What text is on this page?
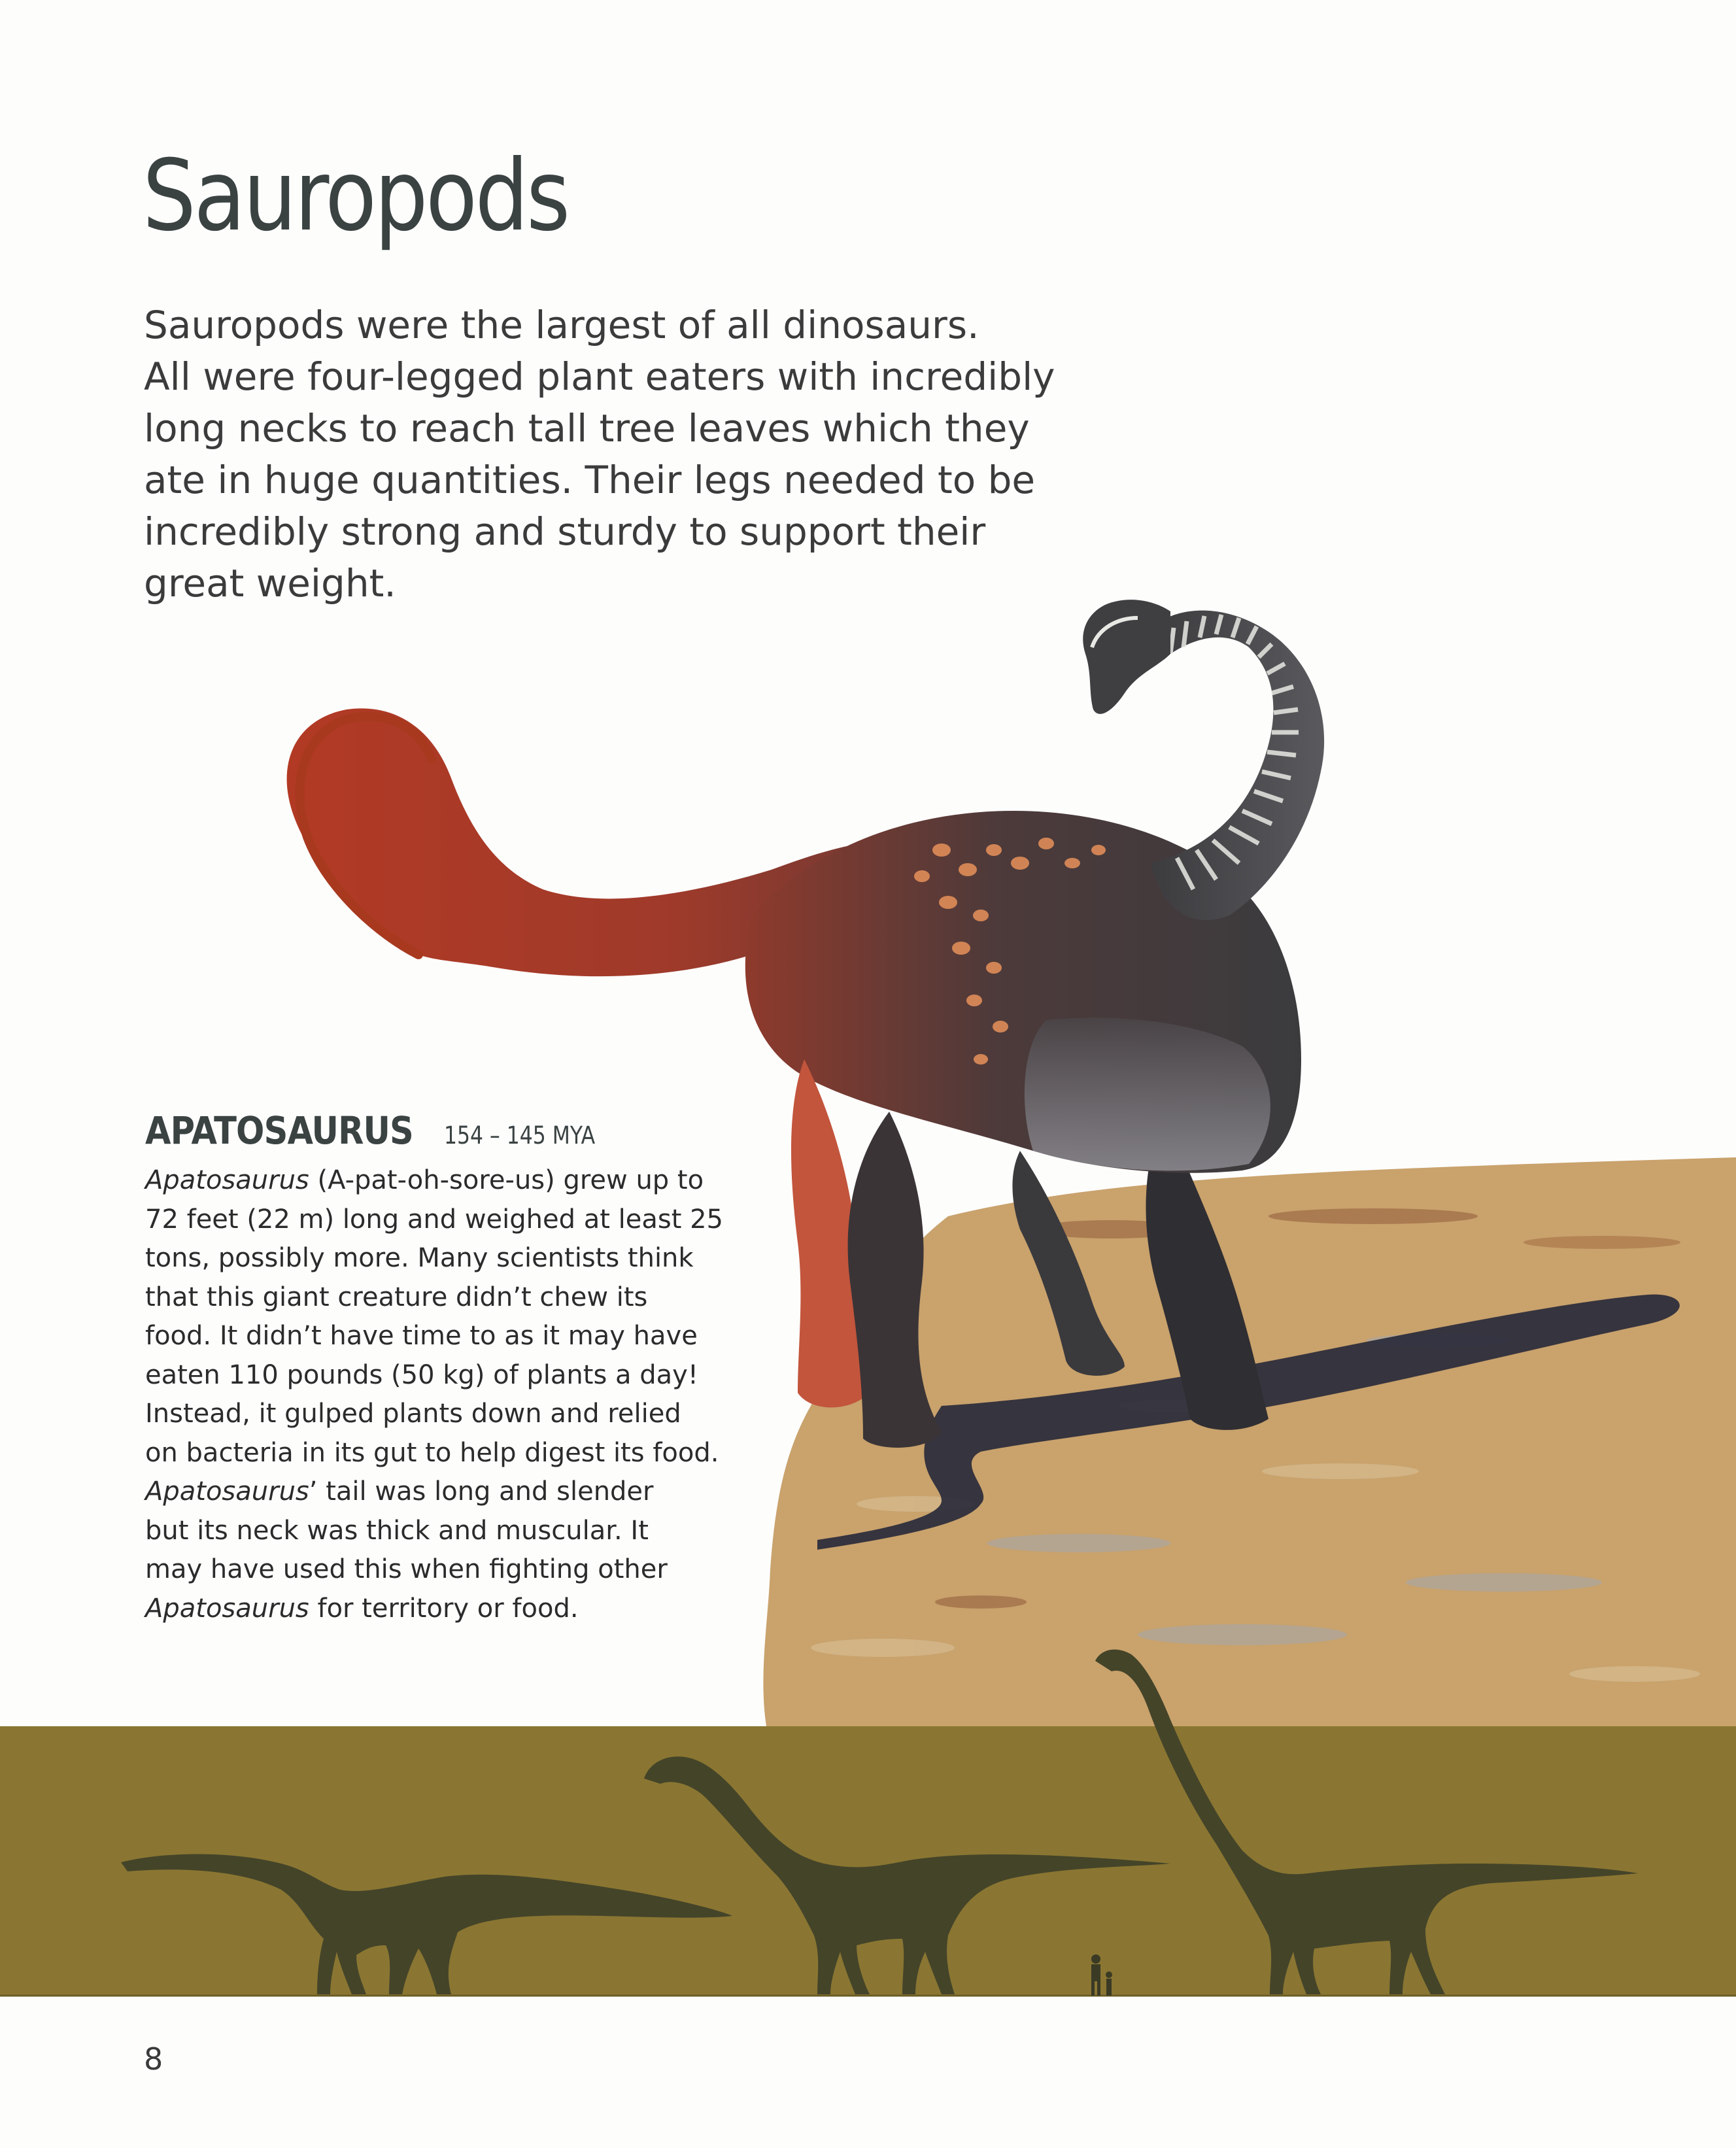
Sauropods

Sauropods were the largest of all dinosaurs.
All were four-legged plant eaters with incredibly
long necks to reach tall tree leaves which they
ate in huge quantities. Their legs needed to be
incredibly strong and sturdy to support their
great weight.

APATOSAURUS 154 – 145 MYA
Apatosaurus (A-pat-oh-sore-us) grew up to
72 feet (22 m) long and weighed at least 25
tons, possibly more. Many scientists think
that this giant creature didn’t chew its
food. It didn’t have time to as it may have
eaten 110 pounds (50 kg) of plants a day!
Instead, it gulped plants down and relied
on bacteria in its gut to help digest its food.
Apatosaurus’ tail was long and slender
but its neck was thick and muscular. It
may have used this when fighting other
Apatosaurus for territory or food.
8
